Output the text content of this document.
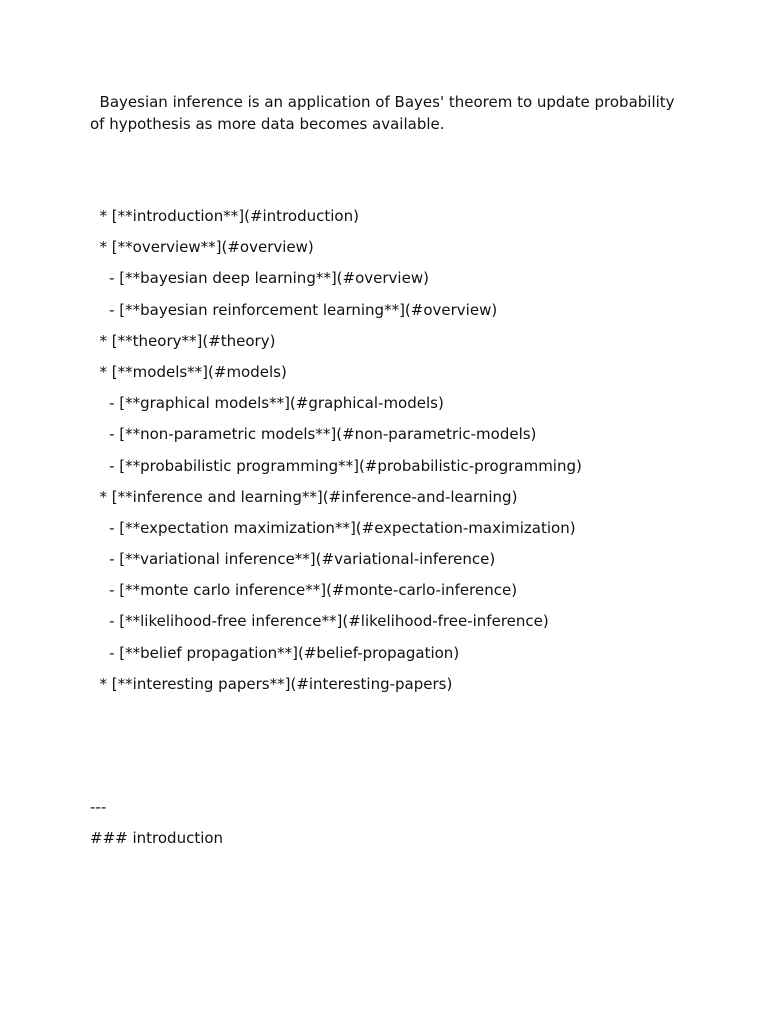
Bayesian inference is an application of Bayes' theorem to update probability of hypothesis as more data becomes available.

* [**introduction**](#introduction)
* [**overview**](#overview)
- [**bayesian deep learning**](#overview)
- [**bayesian reinforcement learning**](#overview)
* [**theory**](#theory)
* [**models**](#models)
- [**graphical models**](#graphical-models)
- [**non-parametric models**](#non-parametric-models)
- [**probabilistic programming**](#probabilistic-programming)
* [**inference and learning**](#inference-and-learning)
- [**expectation maximization**](#expectation-maximization)
- [**variational inference**](#variational-inference)
- [**monte carlo inference**](#monte-carlo-inference)
- [**likelihood-free inference**](#likelihood-free-inference)
- [**belief propagation**](#belief-propagation)
* [**interesting papers**](#interesting-papers)

---

### introduction
